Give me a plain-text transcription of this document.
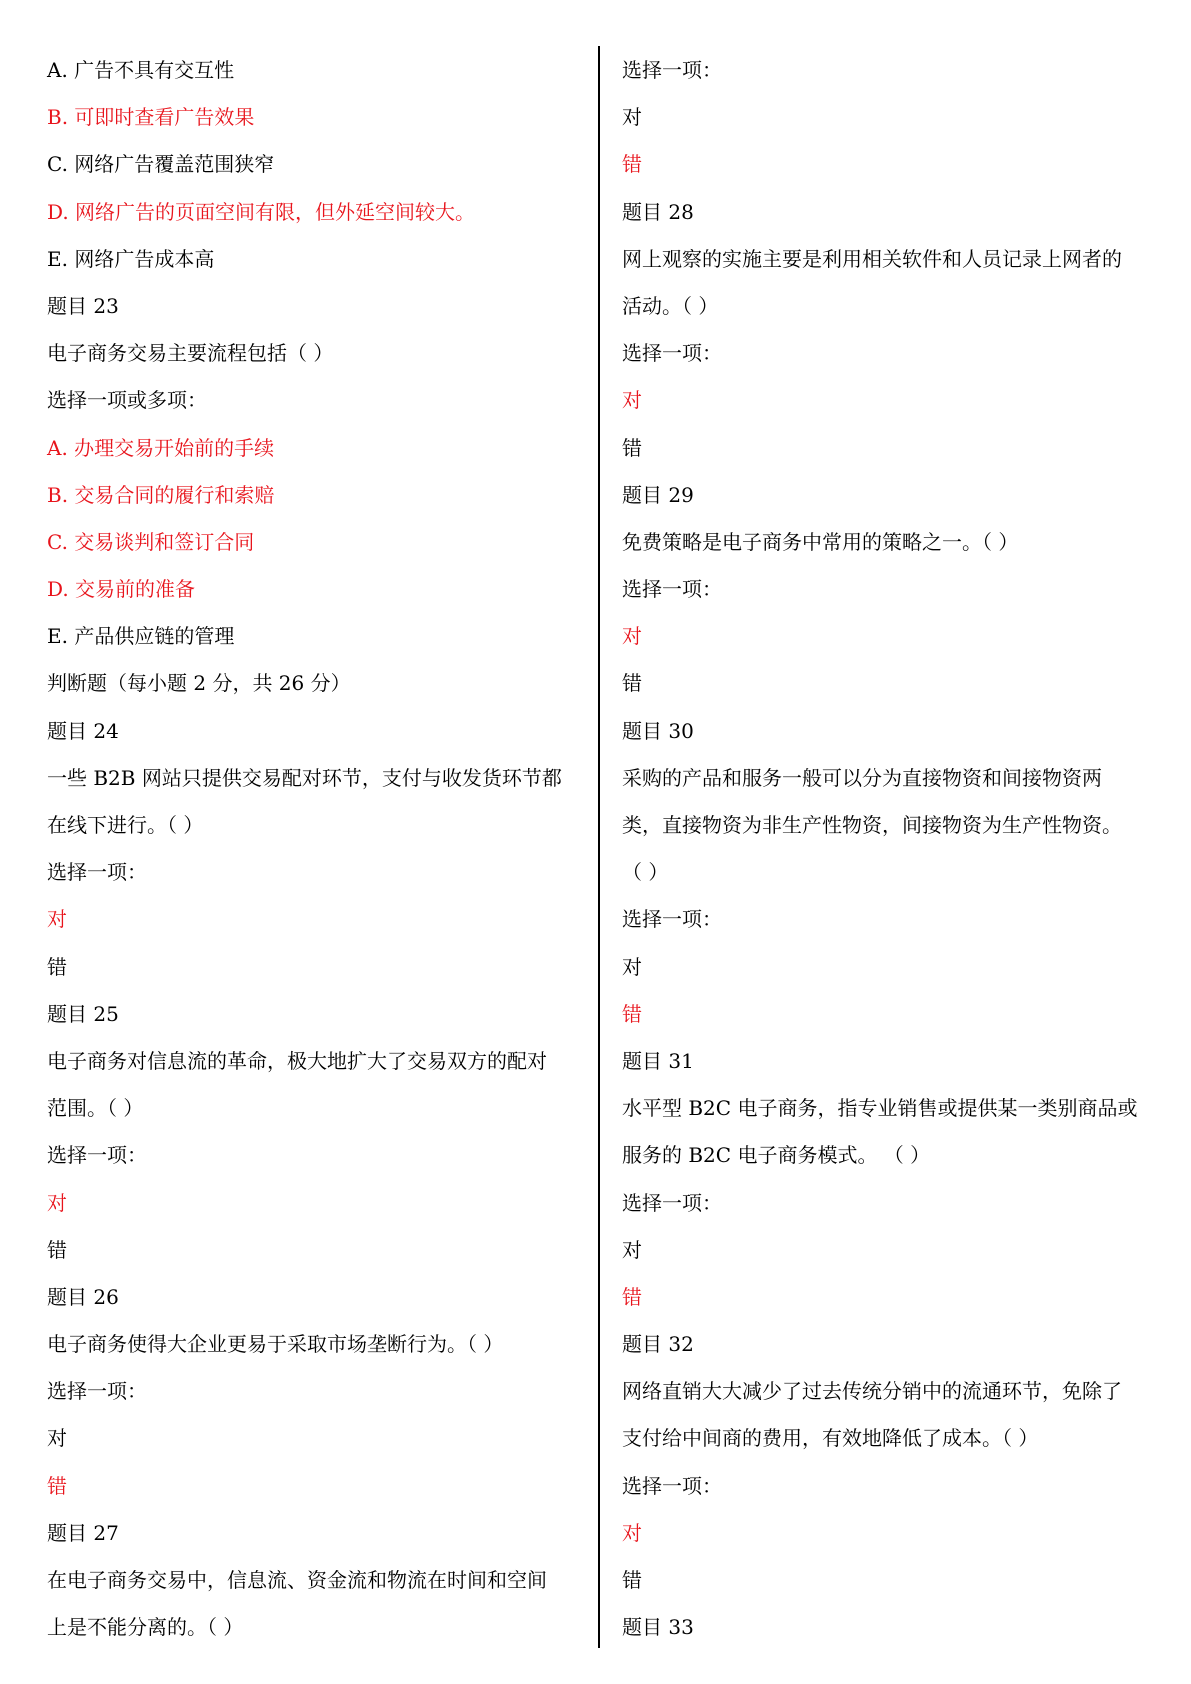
A. 广告不具有交互性
B. 可即时查看广告效果
C. 网络广告覆盖范围狭窄
D. 网络广告的页面空间有限，但外延空间较大。
E. 网络广告成本高
题目 23
电子商务交易主要流程包括（ ）
选择一项或多项：
A. 办理交易开始前的手续
B. 交易合同的履行和索赔
C. 交易谈判和签订合同
D. 交易前的准备
E. 产品供应链的管理
判断题（每小题 2 分，共 26 分）
题目 24
一些 B2B 网站只提供交易配对环节，支付与收发货环节都
在线下进行。（ ）
选择一项：
对
错
题目 25
电子商务对信息流的革命，极大地扩大了交易双方的配对
范围。（ ）
选择一项：
对
错
题目 26
电子商务使得大企业更易于采取市场垄断行为。（ ）
选择一项：
对
错
题目 27
在电子商务交易中，信息流、资金流和物流在时间和空间
上是不能分离的。（ ）
选择一项：
对
错
题目 28
网上观察的实施主要是利用相关软件和人员记录上网者的
活动。（ ）
选择一项：
对
错
题目 29
免费策略是电子商务中常用的策略之一。（ ）
选择一项：
对
错
题目 30
采购的产品和服务一般可以分为直接物资和间接物资两
类，直接物资为非生产性物资，间接物资为生产性物资。
（ ）
选择一项：
对
错
题目 31
水平型 B2C 电子商务，指专业销售或提供某一类别商品或
服务的 B2C 电子商务模式。 （ ）
选择一项：
对
错
题目 32
网络直销大大减少了过去传统分销中的流通环节，免除了
支付给中间商的费用，有效地降低了成本。（ ）
选择一项：
对
错
题目 33
